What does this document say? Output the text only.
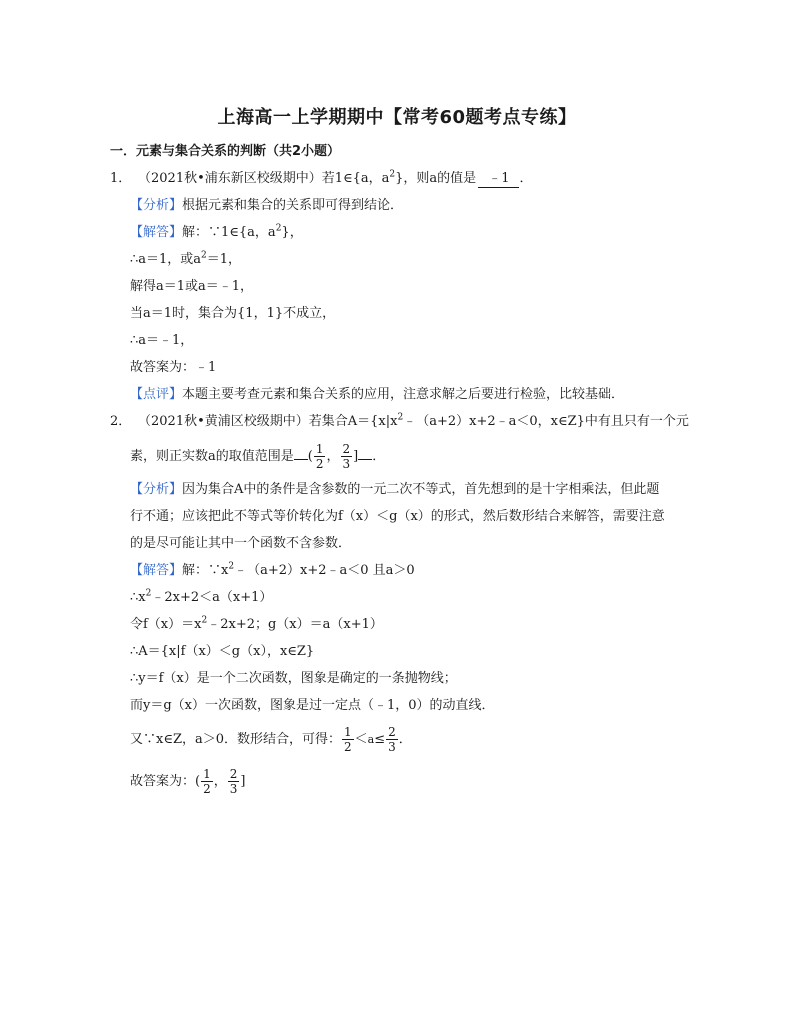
上海高一上学期期中【常考60题考点专练】
一．元素与集合关系的判断（共2小题）
1． （2021秋•浦东新区校级期中）若1∈{a，$a^2$}，则a的值是 ﹣1 ．
【分析】根据元素和集合的关系即可得到结论．
【解答】解：∵1∈{a，$a^2$}，
∴a＝1，或$a^2=1$，
解得a＝1或a＝﹣1，
当a＝1时，集合为{1，1}不成立，
∴a＝﹣1，
故答案为：﹣1
【点评】本题主要考查元素和集合关系的应用，注意求解之后要进行检验，比较基础．
2． （2021秋•黄浦区校级期中）若集合$A=\{x|x^2﹣(a+2)x+2﹣a<0$，x∈Z}中有且只有一个元
素，则正实数a的取值范围是 ( $\frac{1}{2}$ ， $\frac{2}{3}$ ] ．
【分析】因为集合A中的条件是含参数的一元二次不等式，首先想到的是十字相乘法，但此题
行不通；应该把此不等式等价转化为f（x）＜g（x）的形式，然后数形结合来解答，需要注意
的是尽可能让其中一个函数不含参数．
【解答】解：$\because x^2﹣(a+2)x+2﹣a<0$ 且a＞0
$\therefore x^2﹣2x+2<a(x+1)$
令$f(x)=x^2﹣2x+2$；g（x）＝a（x+1）
∴A＝{x|f（x）＜g（x），x∈Z}
∴y＝f（x）是一个二次函数，图象是确定的一条抛物线；
而y＝g（x）一次函数，图象是过一定点（﹣1，0）的动直线．
又∵x∈Z，a＞0．数形结合，可得： $\frac{1}{2} <a\le \frac{2}{3}$ ．
故答案为：( $\frac{1}{2}$ ， $\frac{2}{3}$ ]
